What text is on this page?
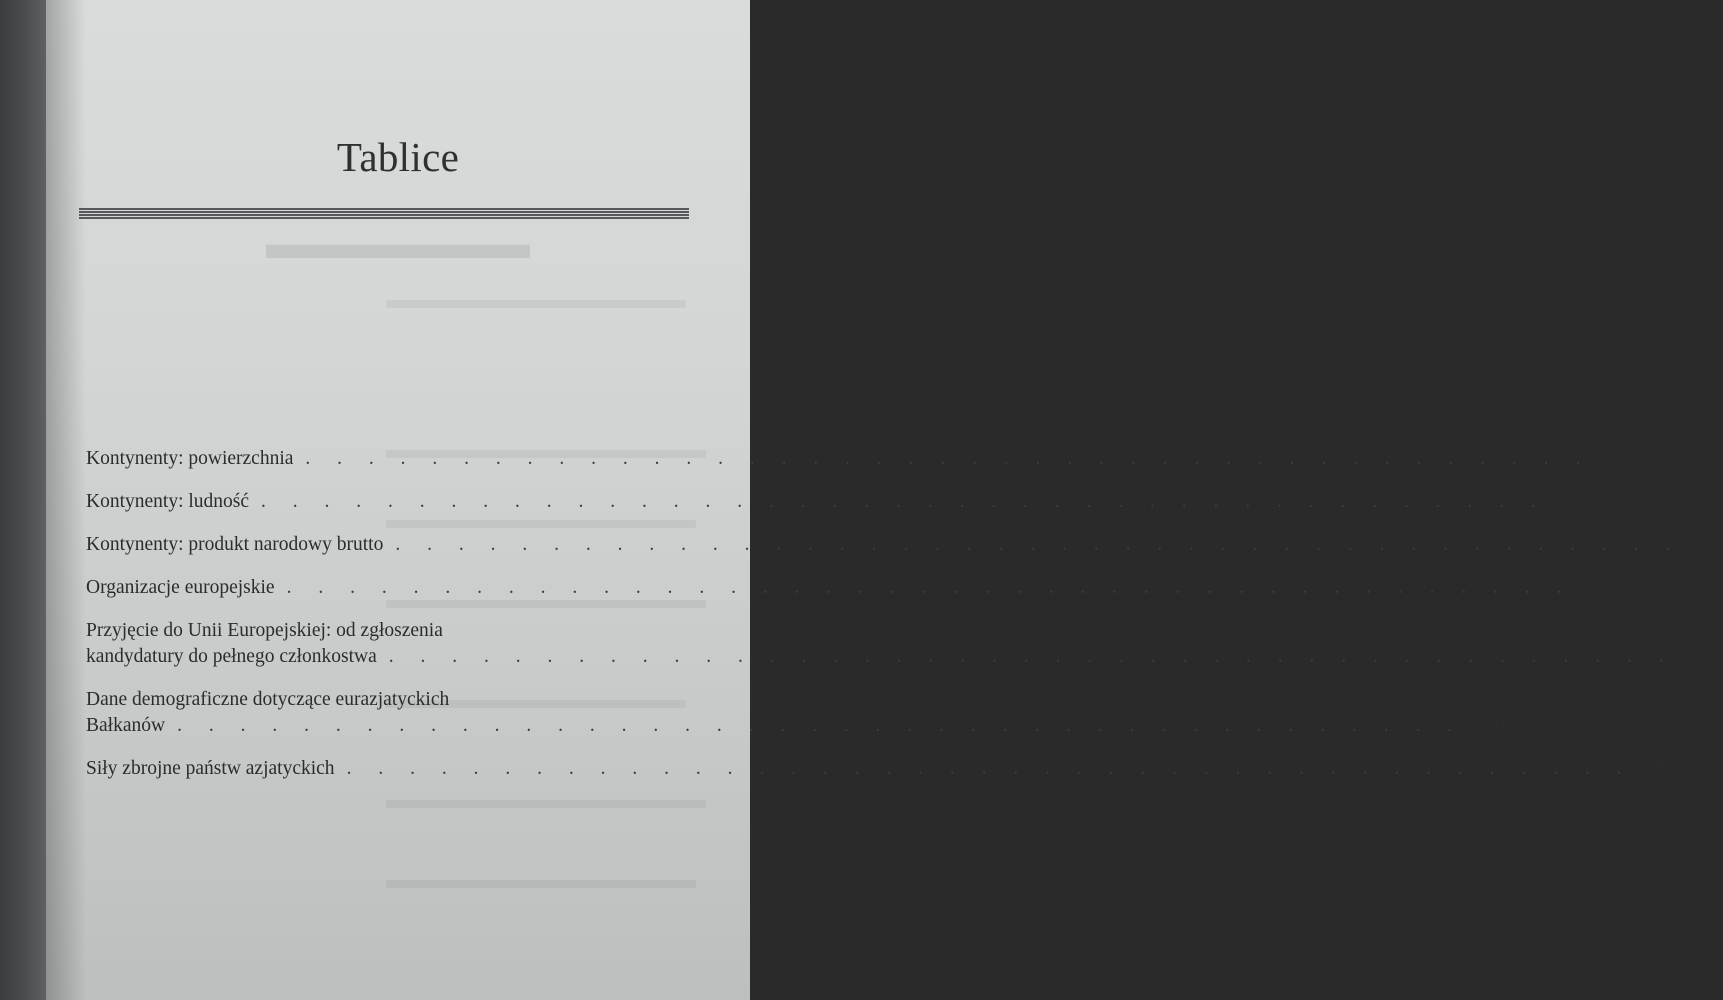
▬▬▬▬▬▬
Tablice
Kontynenty: powierzchnia . . . . . . . . . . . . . . . . . . . . . . . . . . . . . . . . . . . . . . . . .	39
Kontynenty: ludność . . . . . . . . . . . . . . . . . . . . . . . . . . . . . . . . . . . . . . . . .	39
Kontynenty: produkt narodowy brutto . . . . . . . . . . . . . . . . . . . . . . . . . . . . . . . . . . . . . . . . .	39
Organizacje europejskie . . . . . . . . . . . . . . . . . . . . . . . . . . . . . . . . . . . . . . . . .	70
Przyjęcie do Unii Europejskiej: od zgłoszenia
kandydatury do pełnego członkostwa . . . . . . . . . . . . . . . . . . . . . . . . . . . . . . . . . . . . . . . . . 103
Dane demograficzne dotyczące eurazjatyckich
Bałkanów . . . . . . . . . . . . . . . . . . . . . . . . . . . . . . . . . . . . . . . . . 159
Siły zbrojne państw azjatyckich . . . . . . . . . . . . . . . . . . . . . . . . . . . . . . . . . . . . . . . . . 196
